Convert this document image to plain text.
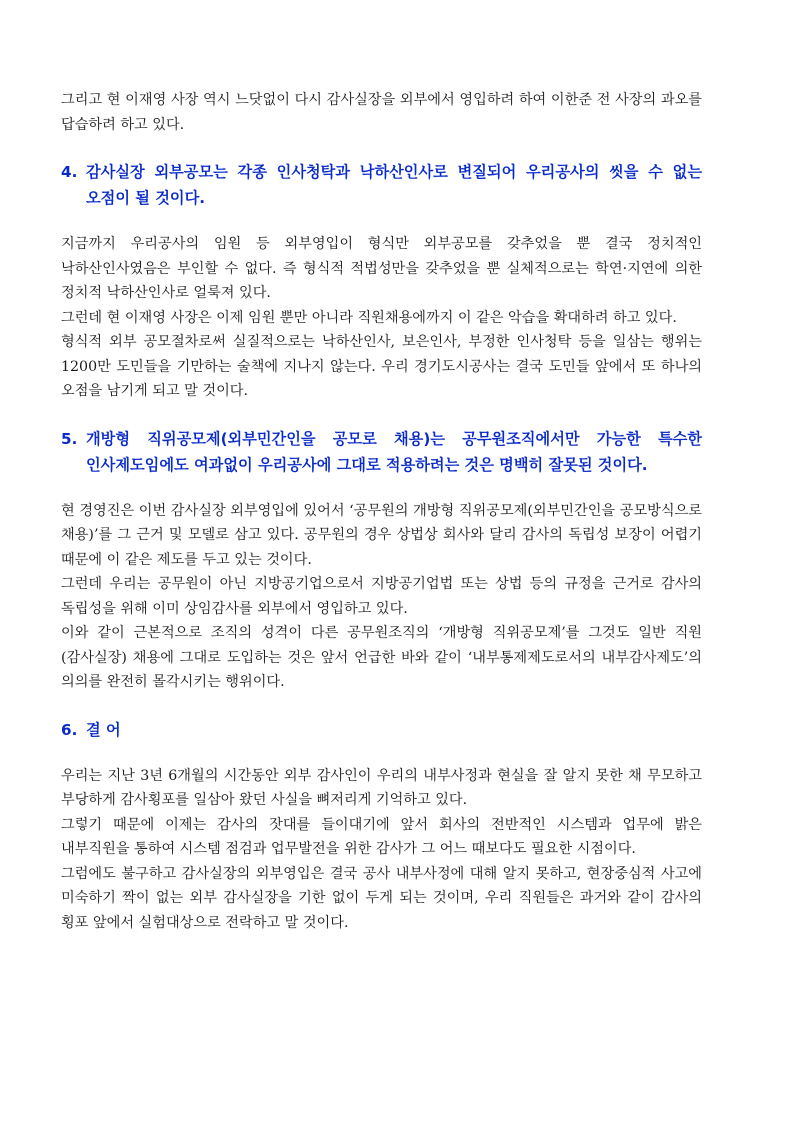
그리고 현 이재영 사장 역시 느닷없이 다시 감사실장을 외부에서 영입하려 하여 이한준 전 사장의 과오를 답습하려 하고 있다.

4. 감사실장 외부공모는 각종 인사청탁과 낙하산인사로 변질되어 우리공사의 씻을 수 없는 오점이 될 것이다.

지금까지 우리공사의 임원 등 외부영입이 형식만 외부공모를 갖추었을 뿐 결국 정치적인 낙하산인사였음은 부인할 수 없다. 즉 형식적 적법성만을 갖추었을 뿐 실체적으로는 학연·지연에 의한 정치적 낙하산인사로 얼룩져 있다.

그런데 현 이재영 사장은 이제 임원 뿐만 아니라 직원채용에까지 이 같은 악습을 확대하려 하고 있다.

형식적 외부 공모절차로써 실질적으로는 낙하산인사, 보은인사, 부정한 인사청탁 등을 일삼는 행위는 1200만 도민들을 기만하는 술책에 지나지 않는다. 우리 경기도시공사는 결국 도민들 앞에서 또 하나의 오점을 남기게 되고 말 것이다.

5. 개방형 직위공모제(외부민간인을 공모로 채용)는 공무원조직에서만 가능한 특수한 인사제도임에도 여과없이 우리공사에 그대로 적용하려는 것은 명백히 잘못된 것이다.

현 경영진은 이번 감사실장 외부영입에 있어서 ‘공무원의 개방형 직위공모제(외부민간인을 공모방식으로 채용)’를 그 근거 및 모델로 삼고 있다. 공무원의 경우 상법상 회사와 달리 감사의 독립성 보장이 어렵기 때문에 이 같은 제도를 두고 있는 것이다.

그런데 우리는 공무원이 아닌 지방공기업으로서 지방공기업법 또는 상법 등의 규정을 근거로 감사의 독립성을 위해 이미 상임감사를 외부에서 영입하고 있다.

이와 같이 근본적으로 조직의 성격이 다른 공무원조직의 ‘개방형 직위공모제’를 그것도 일반 직원(감사실장) 채용에 그대로 도입하는 것은 앞서 언급한 바와 같이 ‘내부통제제도로서의 내부감사제도’의 의의를 완전히 몰각시키는 행위이다.

6. 결 어

우리는 지난 3년 6개월의 시간동안 외부 감사인이 우리의 내부사정과 현실을 잘 알지 못한 채 무모하고 부당하게 감사횡포를 일삼아 왔던 사실을 뼈저리게 기억하고 있다.

그렇기 때문에 이제는 감사의 잣대를 들이대기에 앞서 회사의 전반적인 시스템과 업무에 밝은 내부직원을 통하여 시스템 점검과 업무발전을 위한 감사가 그 어느 때보다도 필요한 시점이다.

그럼에도 불구하고 감사실장의 외부영입은 결국 공사 내부사정에 대해 알지 못하고, 현장중심적 사고에 미숙하기 짝이 없는 외부 감사실장을 기한 없이 두게 되는 것이며, 우리 직원들은 과거와 같이 감사의 횡포 앞에서 실험대상으로 전락하고 말 것이다.
